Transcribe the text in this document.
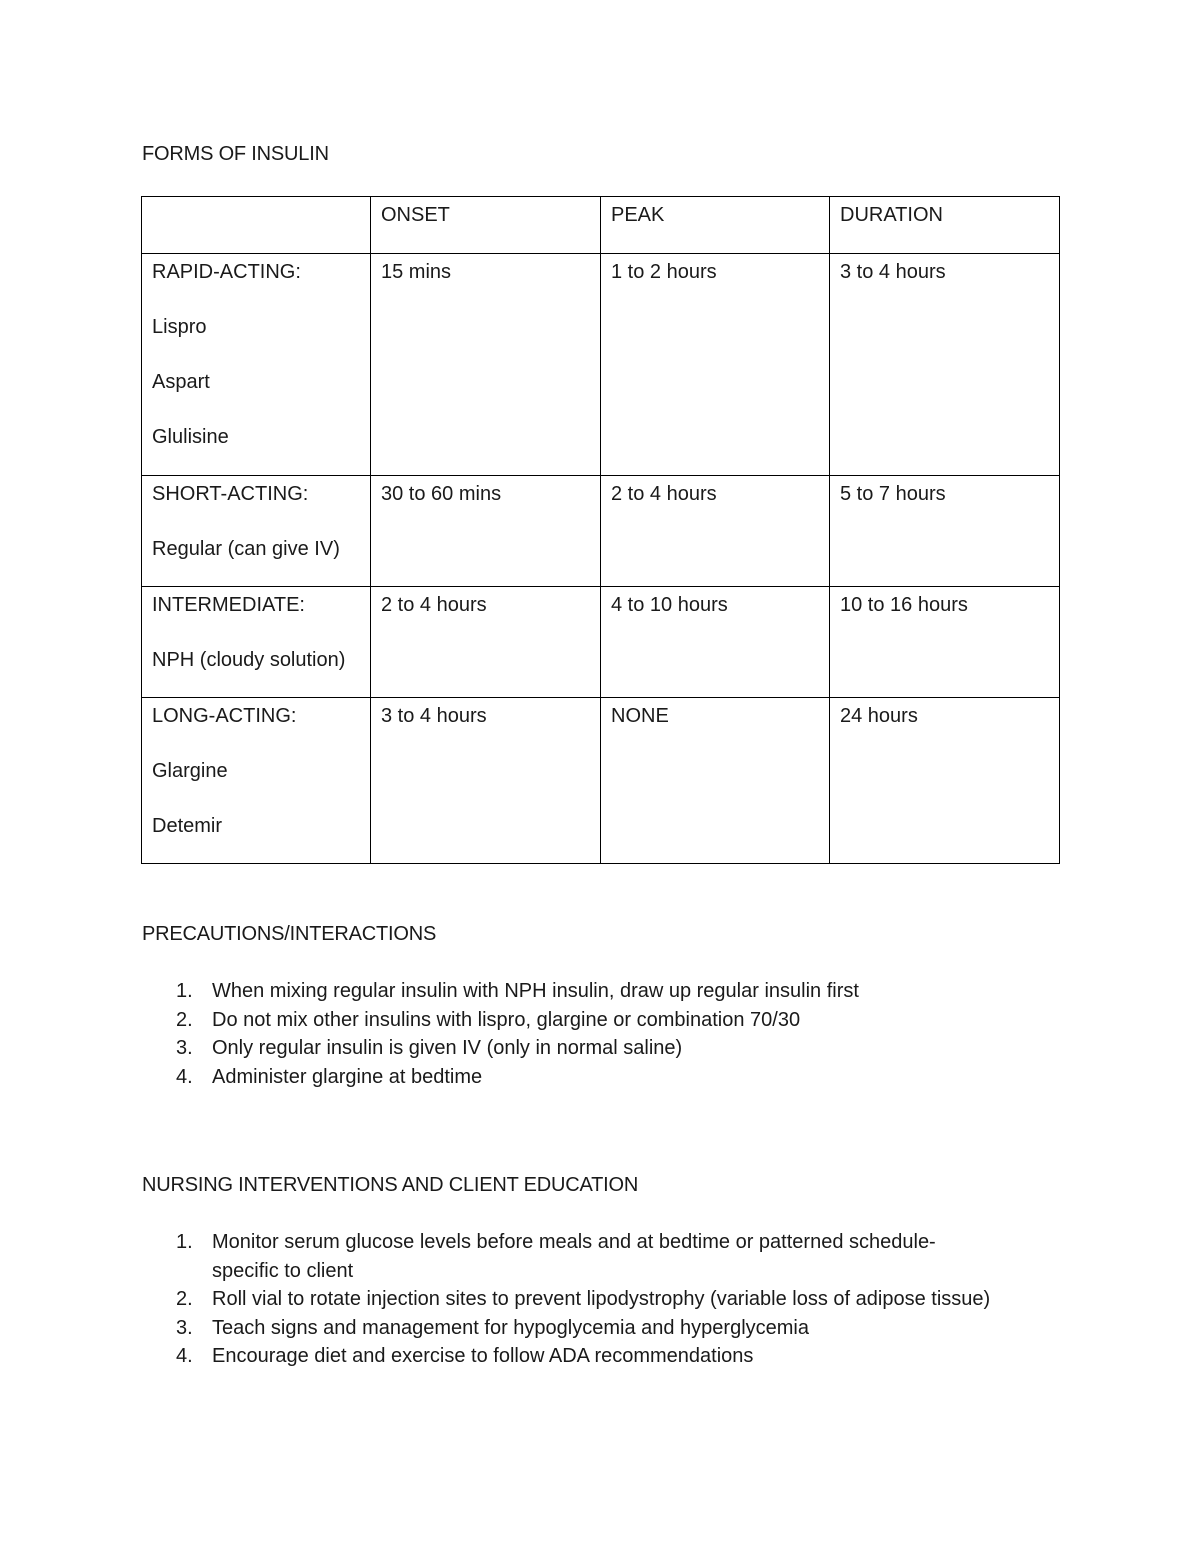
FORMS OF INSULIN
	ONSET	PEAK	DURATION

RAPID-ACTING:
Lispro
Aspart
Glulisine	15 mins	1 to 2 hours	3 to 4 hours

SHORT-ACTING:
Regular (can give IV)	30 to 60 mins	2 to 4 hours	5 to 7 hours

INTERMEDIATE:
NPH (cloudy solution)	2 to 4 hours	4 to 10 hours	10 to 16 hours

LONG-ACTING:
Glargine
Detemir	3 to 4 hours	NONE	24 hours
PRECAUTIONS/INTERACTIONS
1. When mixing regular insulin with NPH insulin, draw up regular insulin first
2. Do not mix other insulins with lispro, glargine or combination 70/30
3. Only regular insulin is given IV (only in normal saline)
4. Administer glargine at bedtime
NURSING INTERVENTIONS AND CLIENT EDUCATION
1. Monitor serum glucose levels before meals and at bedtime or patterned schedule-specific to client
2. Roll vial to rotate injection sites to prevent lipodystrophy (variable loss of adipose tissue)
3. Teach signs and management for hypoglycemia and hyperglycemia
4. Encourage diet and exercise to follow ADA recommendations
